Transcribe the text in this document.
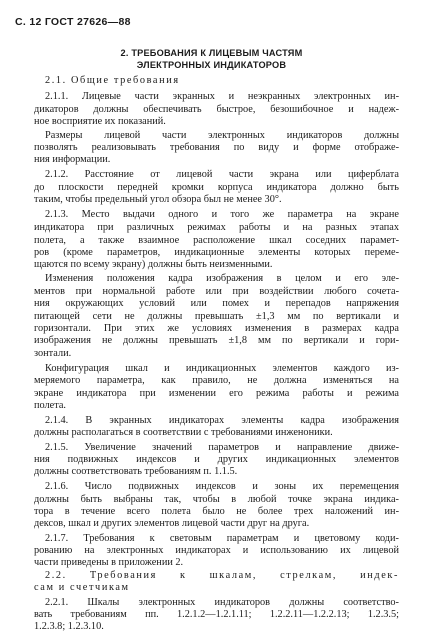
С. 12 ГОСТ 27626—88
2. ТРЕБОВАНИЯ К ЛИЦЕВЫМ ЧАСТЯМ
ЭЛЕКТРОННЫХ ИНДИКАТОРОВ
2.1. Общие требования
2.1.1. Лицевые части экранных и неэкранных электронных ин-
дикаторов должны обеспечивать быстрое, безошибочное и надеж-
ное восприятие их показаний.
Размеры лицевой части электронных индикаторов должны
позволять реализовывать требования по виду и форме отображе-
ния информации.
2.1.2. Расстояние от лицевой части экрана или циферблата
до плоскости передней кромки корпуса индикатора должно быть
таким, чтобы предельный угол обзора был не менее 30°.
2.1.3. Место выдачи одного и того же параметра на экране
индикатора при различных режимах работы и на разных этапах
полета, а также взаимное расположение шкал соседних парамет-
ров (кроме параметров, индикационные элементы которых переме-
щаются по всему экрану) должны быть неизменными.
Изменения положения кадра изображения в целом и его эле-
ментов при нормальной работе или при воздействии любого сочета-
ния окружающих условий или помех и перепадов напряжения
питающей сети не должны превышать ±1,3 мм по вертикали и
горизонтали. При этих же условиях изменения в размерах кадра
изображения не должны превышать ±1,8 мм по вертикали и гори-
зонтали.
Конфигурация шкал и индикационных элементов каждого из-
меряемого параметра, как правило, не должна изменяться на
экране индикатора при изменении его режима работы и режима
полета.
2.1.4. В экранных индикаторах элементы кадра изображения
должны располагаться в соответствии с требованиями инженоники.
2.1.5. Увеличение значений параметров и направление движе-
ния подвижных индексов и других индикационных элементов
должны соответствовать требованиям п. 1.1.5.
2.1.6. Число подвижных индексов и зоны их перемещения
должны быть выбраны так, чтобы в любой точке экрана индика-
тора в течение всего полета было не более трех наложений ин-
дексов, шкал и других элементов лицевой части друг на друга.
2.1.7. Требования к световым параметрам и цветовому коди-
рованию на электронных индикаторах и использованию их лицевой
части приведены в приложении 2.
2.2. Требования к шкалам, стрелкам, индек-
сам и счетчикам
2.2.1. Шкалы электронных индикаторов должны соответство-
вать требованиям пп. 1.2.1.2—1.2.1.11; 1.2.2.11—1.2.2.13; 1.2.3.5;
1.2.3.8; 1.2.3.10.
